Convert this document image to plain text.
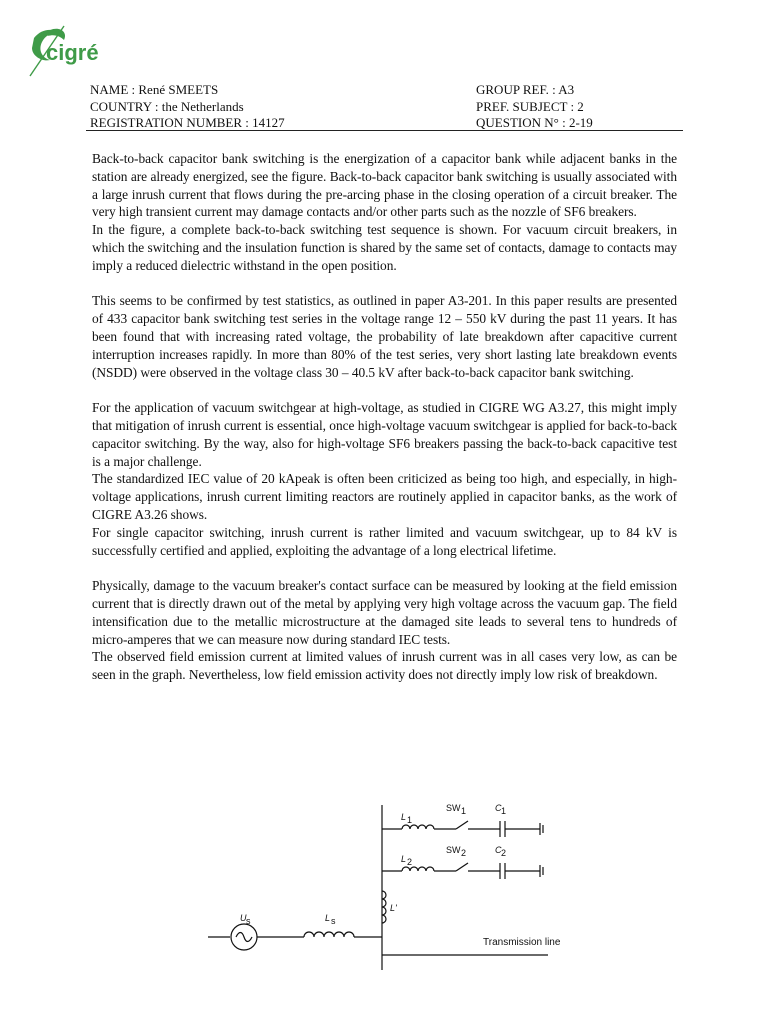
cigré
NAME : René SMEETS	GROUP REF. : A3
COUNTRY : the Netherlands	PREF. SUBJECT : 2
REGISTRATION NUMBER : 14127	QUESTION N° : 2-19

Back-to-back capacitor bank switching is the energization of a capacitor bank while adjacent banks in the station are already energized, see the figure. Back-to-back capacitor bank switching is usually associated with a large inrush current that flows during the pre-arcing phase in the closing operation of a circuit breaker. The very high transient current may damage contacts and/or other parts such as the nozzle of SF6 breakers.

In the figure, a complete back-to-back switching test sequence is shown. For vacuum circuit breakers, in which the switching and the insulation function is shared by the same set of contacts, damage to contacts may imply a reduced dielectric withstand in the open position.

This seems to be confirmed by test statistics, as outlined in paper A3-201. In this paper results are presented of 433 capacitor bank switching test series in the voltage range 12 – 550 kV during the past 11 years. It has been found that with increasing rated voltage, the probability of late breakdown after capacitive current interruption increases rapidly. In more than 80% of the test series, very short lasting late breakdown events (NSDD) were observed in the voltage class 30 – 40.5 kV after back-to-back capacitor bank switching.

For the application of vacuum switchgear at high-voltage, as studied in CIGRE WG A3.27, this might imply that mitigation of inrush current is essential, once high-voltage vacuum switchgear is applied for back-to-back capacitor switching. By the way, also for high-voltage SF6 breakers passing the back-to-back capacitive test is a major challenge.

The standardized IEC value of 20 kApeak is often been criticized as being too high, and especially, in high-voltage applications, inrush current limiting reactors are routinely applied in capacitor banks, as the work of CIGRE A3.26 shows.

For single capacitor switching, inrush current is rather limited and vacuum switchgear, up to 84 kV is successfully certified and applied, exploiting the advantage of a long electrical lifetime.

Physically, damage to the vacuum breaker's contact surface can be measured by looking at the field emission current that is directly drawn out of the metal by applying very high voltage across the vacuum gap. The field intensification due to the metallic microstructure at the damaged site leads to several tens to hundreds of micro-amperes that we can measure now during standard IEC tests.

The observed field emission current at limited values of inrush current was in all cases very low, as can be seen in the graph. Nevertheless, low field emission activity does not directly imply low risk of breakdown.

L 1
SW 1	C 1
L 2
SW 2	C 2
L'
U s	L s
Transmission line
